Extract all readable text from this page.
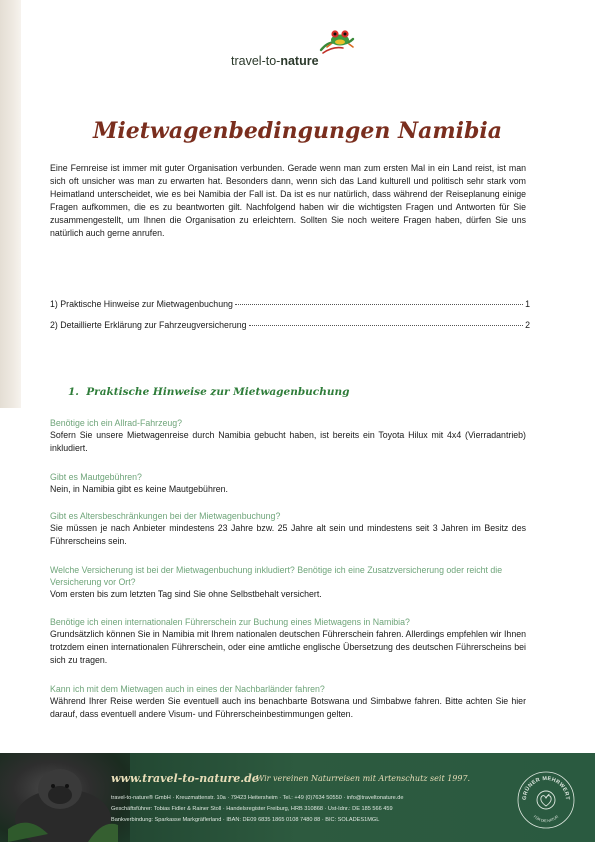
travel-to-nature
Mietwagenbedingungen Namibia

Eine Fernreise ist immer mit guter Organisation verbunden. Gerade wenn man zum ersten Mal in ein Land reist, ist man sich oft unsicher was man zu erwarten hat. Besonders dann, wenn sich das Land kulturell und politisch sehr stark vom Heimatland unterscheidet, wie es bei Namibia der Fall ist. Da ist es nur natürlich, dass während der Reiseplanung einige Fragen aufkommen, die es zu beantworten gilt. Nachfolgend haben wir die wichtigsten Fragen und Antworten für Sie zusammengestellt, um Ihnen die Organisation zu erleichtern. Sollten Sie noch weitere Fragen haben, dürfen Sie uns natürlich auch gerne anrufen.

1) Praktische Hinweise zur Mietwagenbuchung	1
2) Detaillierte Erklärung zur Fahrzeugversicherung	2
1. Praktische Hinweise zur Mietwagenbuchung

Benötige ich ein Allrad-Fahrzeug?

Sofern Sie unsere Mietwagenreise durch Namibia gebucht haben, ist bereits ein Toyota Hilux mit 4x4 (Vierradantrieb) inkludiert.

Gibt es Mautgebühren?

Nein, in Namibia gibt es keine Mautgebühren.

Gibt es Altersbeschränkungen bei der Mietwagenbuchung?

Sie müssen je nach Anbieter mindestens 23 Jahre bzw. 25 Jahre alt sein und mindestens seit 3 Jahren im Besitz des Führerscheins sein.

Welche Versicherung ist bei der Mietwagenbuchung inkludiert? Benötige ich eine Zusatzversicherung oder reicht die Versicherung vor Ort?

Vom ersten bis zum letzten Tag sind Sie ohne Selbstbehalt versichert.

Benötige ich einen internationalen Führerschein zur Buchung eines Mietwagens in Namibia?

Grundsätzlich können Sie in Namibia mit Ihrem nationalen deutschen Führerschein fahren. Allerdings empfehlen wir Ihnen trotzdem einen internationalen Führerschein, oder eine amtliche englische Übersetzung des deutschen Führerscheins bei sich zu tragen.

Kann ich mit dem Mietwagen auch in eines der Nachbarländer fahren?

Während Ihrer Reise werden Sie eventuell auch ins benachbarte Botswana und Simbabwe fahren. Bitte achten Sie hier darauf, dass eventuell andere Visum- und Führerscheinbestimmungen gelten.

www.travel-to-nature.de
Wir vereinen Naturreisen mit Artenschutz seit 1997.
travel-to-nature® GmbH · Kreuzmattenstr. 10a · 79423 Heitersheim · Tel.: +49 (0)7634 50550 · info@traveltonature.de
Geschäftsführer: Tobias Fidler & Rainer Stoll · Handelsregister Freiburg, HRB 310868 · Ust-Idnr.: DE 185 566 459
Bankverbindung: Sparkasse Markgräflerland · IBAN: DE09 6835 1865 0108 7480 88 · BIC: SOLADES1MGL
GRÜNER MEHRWERT
FÜR DIE NATUR
